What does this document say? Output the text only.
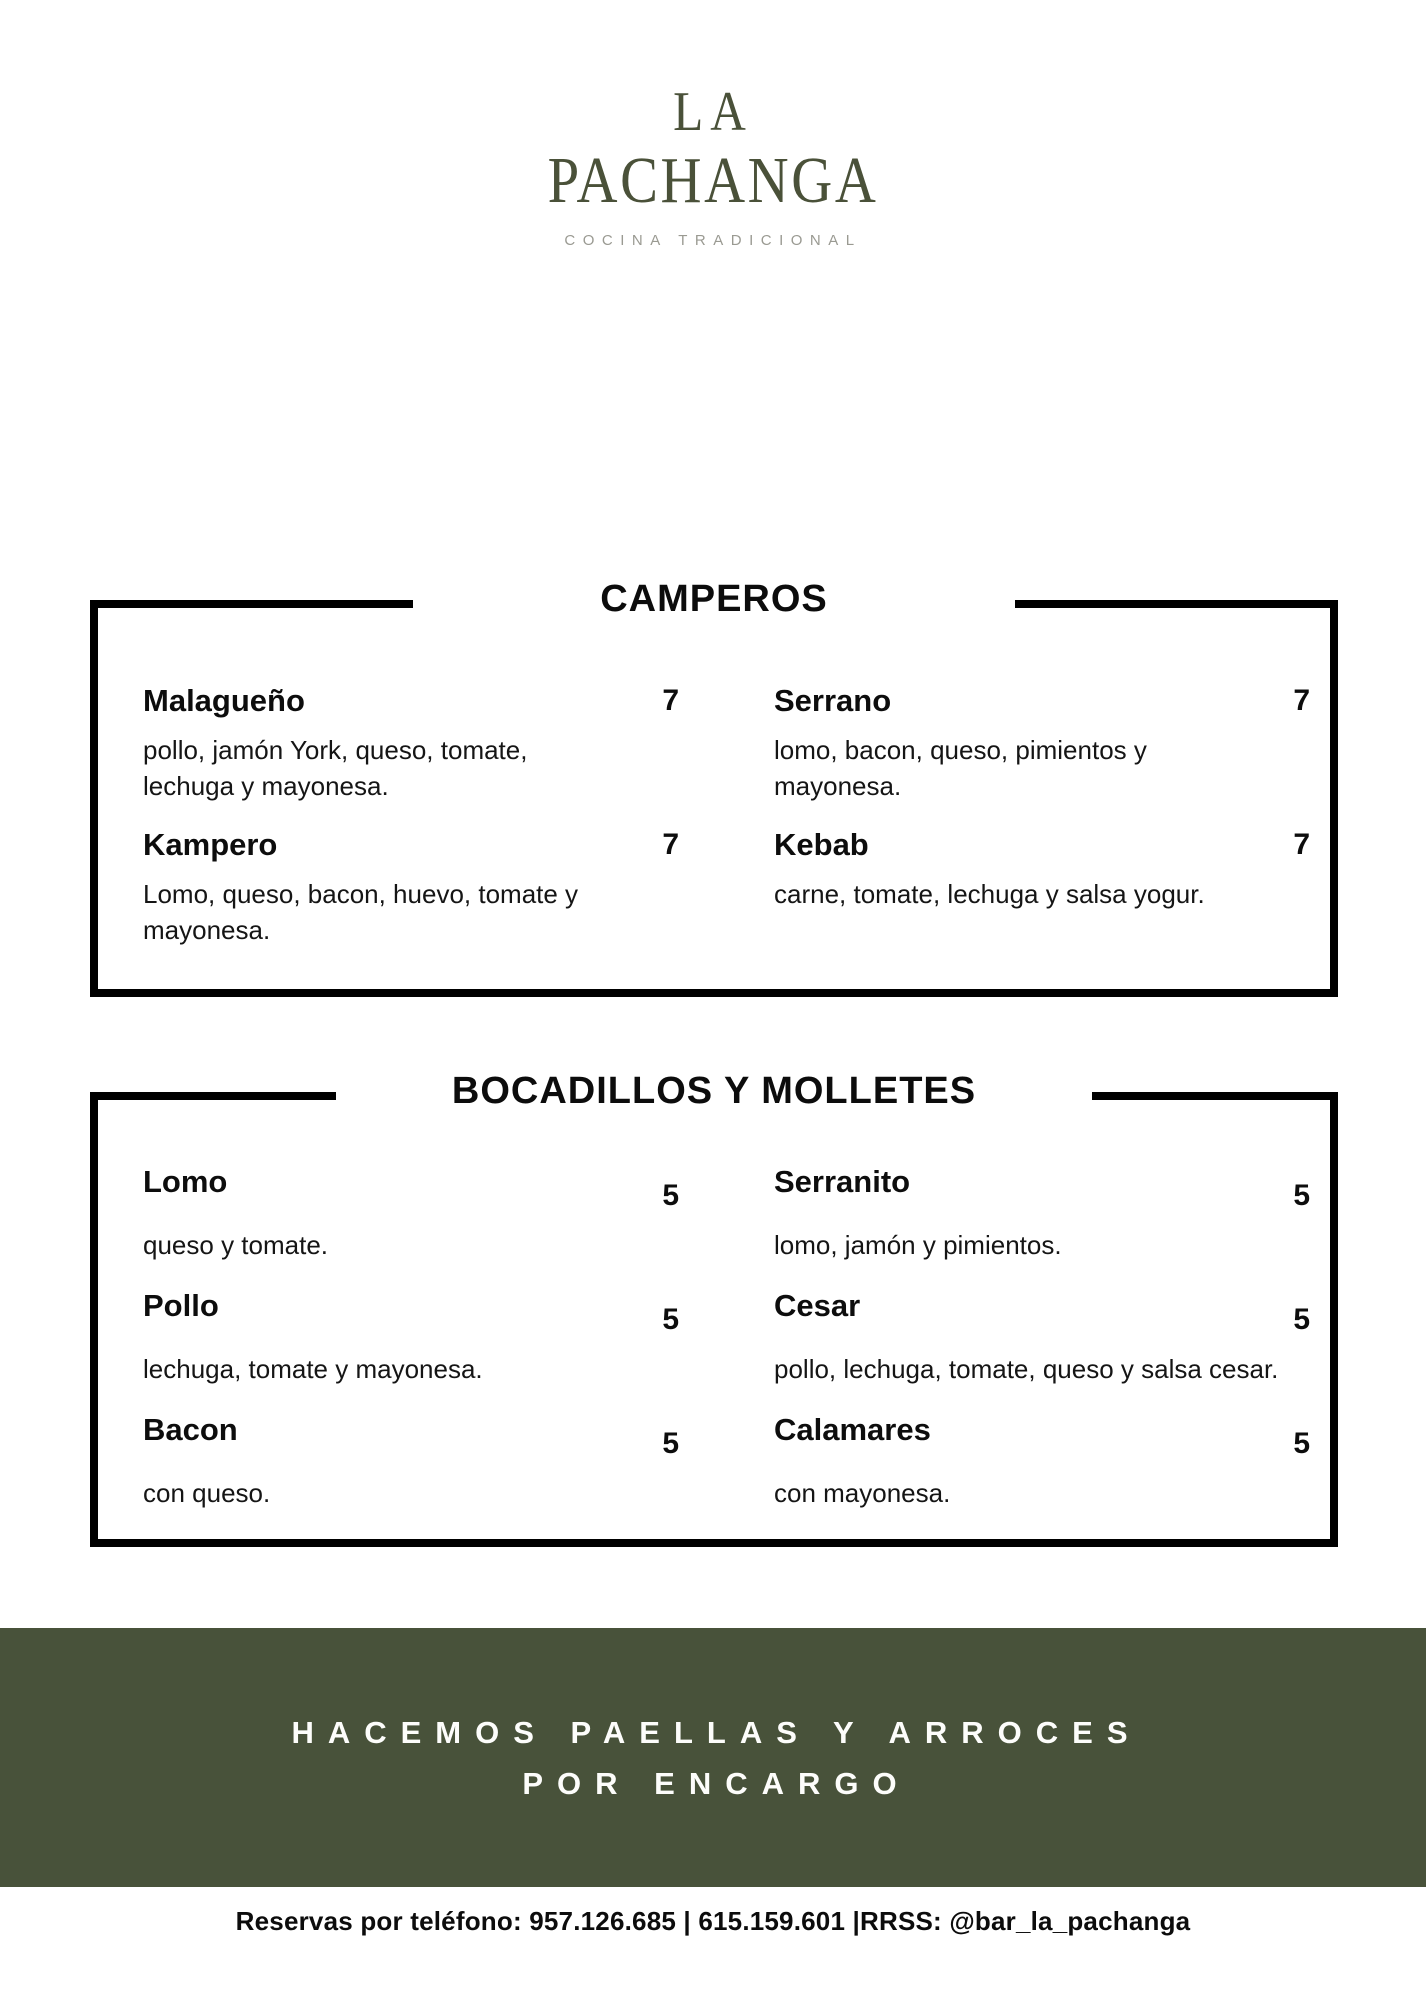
LA
PACHANGA
COCINA TRADICIONAL
CAMPEROS
Malagueño	7

pollo, jamón York, queso, tomate, lechuga y mayonesa.

Serrano	7

lomo, bacon, queso, pimientos y mayonesa.

Kampero	7

Lomo, queso, bacon, huevo, tomate y mayonesa.

Kebab	7

carne, tomate, lechuga y salsa yogur.

BOCADILLOS Y MOLLETES
Lomo	5

queso y tomate.

Serranito	5

lomo, jamón y pimientos.

Pollo	5

lechuga, tomate y mayonesa.

Cesar	5

pollo, lechuga, tomate, queso y salsa cesar.

Bacon	5

con queso.

Calamares	5

con mayonesa.

HACEMOS PAELLAS Y ARROCES
POR ENCARGO
Reservas por teléfono: 957.126.685 | 615.159.601 |RRSS: @bar_la_pachanga
